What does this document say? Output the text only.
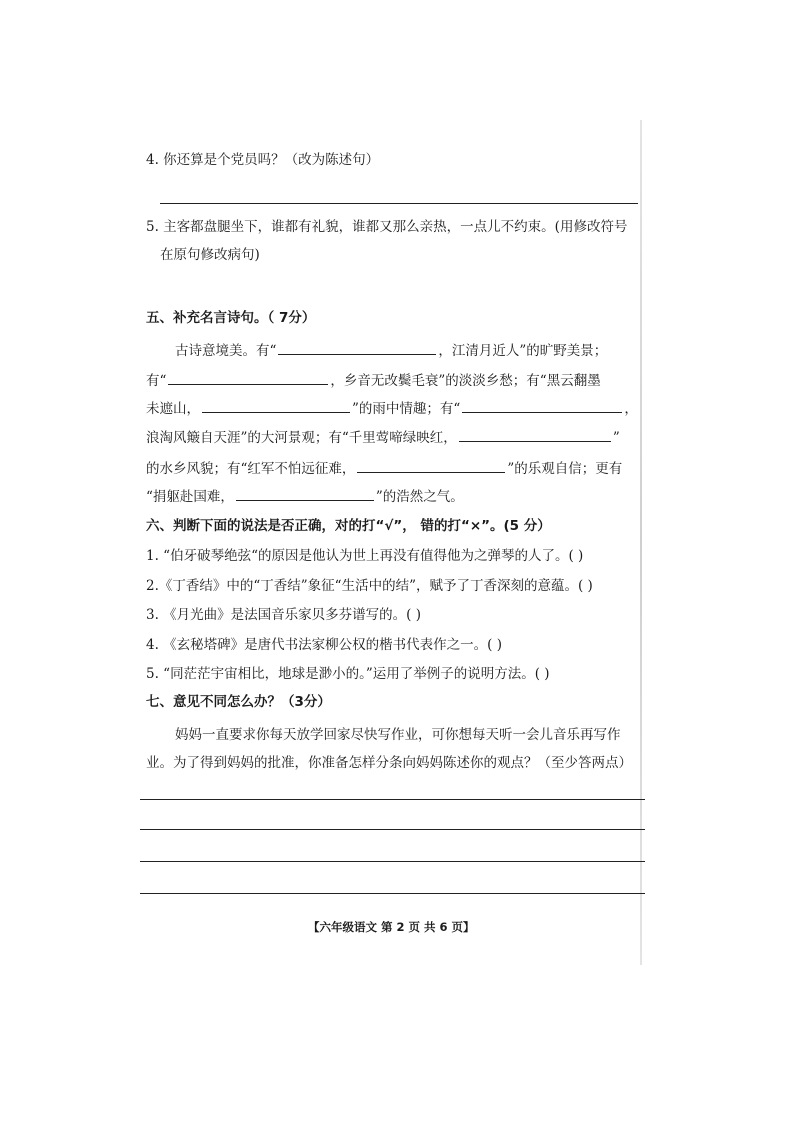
4. 你还算是个党员吗？（改为陈述句）
5. 主客都盘腿坐下，谁都有礼貌，谁都又那么亲热，一点儿不约束。(用修改符号
在原句修改病句)
五、补充名言诗句。（ 7分）
古诗意境美。有“	，江清月近人”的旷野美景；
有“	，乡音无改鬓毛衰”的淡淡乡愁；有“黑云翻墨
未遮山，	”的雨中情趣；有“	，
浪淘风簸自天涯”的大河景观；有“千里莺啼绿映红，	”
的水乡风貌；有“红军不怕远征难，	”的乐观自信；更有
“捐躯赴国难，	”的浩然之气。
六、判断下面的说法是否正确，对的打“√”， 错的打“×”。(5 分）
1. “伯牙破琴绝弦“的原因是他认为世上再没有值得他为之弹琴的人了。( )
2.《丁香结》中的“丁香结”象征“生活中的结”，赋予了丁香深刻的意蕴。( )
3. 《月光曲》是法国音乐家贝多芬谱写的。( )
4. 《玄秘塔碑》是唐代书法家柳公权的楷书代表作之一。( )
5. “同茫茫宇宙相比，地球是渺小的。”运用了举例子的说明方法。( )
七、意见不同怎么办？（3分）
妈妈一直要求你每天放学回家尽快写作业，可你想每天听一会儿音乐再写作
业。为了得到妈妈的批准，你准备怎样分条向妈妈陈述你的观点？（至少答两点）
【六年级语文 第 2 页 共 6 页】
